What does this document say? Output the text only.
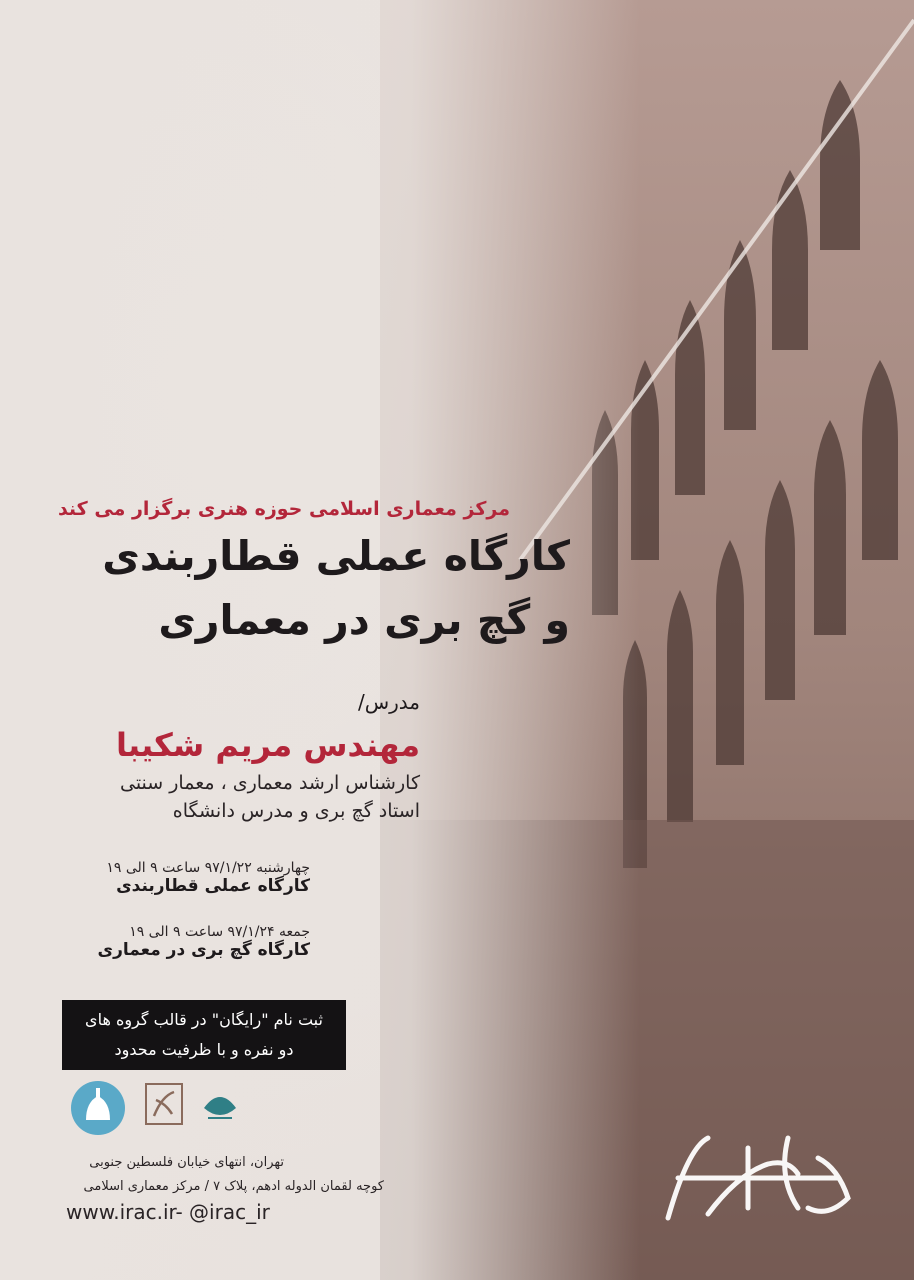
مرکز معماری اسلامی حوزه هنری برگزار می کند
کارگاه عملی قطاربندی
و گچ بری در معماری
مدرس/
مهندس مریم شکیبا
کارشناس ارشد معماری ، معمار سنتی
استاد گچ بری و مدرس دانشگاه
چهارشنبه ۹۷/۱/۲۲ ساعت ۹ الی ۱۹
کارگاه عملی قطاربندی
جمعه ۹۷/۱/۲۴ ساعت ۹ الی ۱۹
کارگاه گچ بری در معماری
ثبت نام "رایگان" در قالب گروه های
دو نفره و با ظرفیت محدود
تهران، انتهای خیابان فلسطین جنوبی
کوچه لقمان الدوله ادهم، پلاک ۷ / مرکز معماری اسلامی
www.irac.ir- @irac_ir
